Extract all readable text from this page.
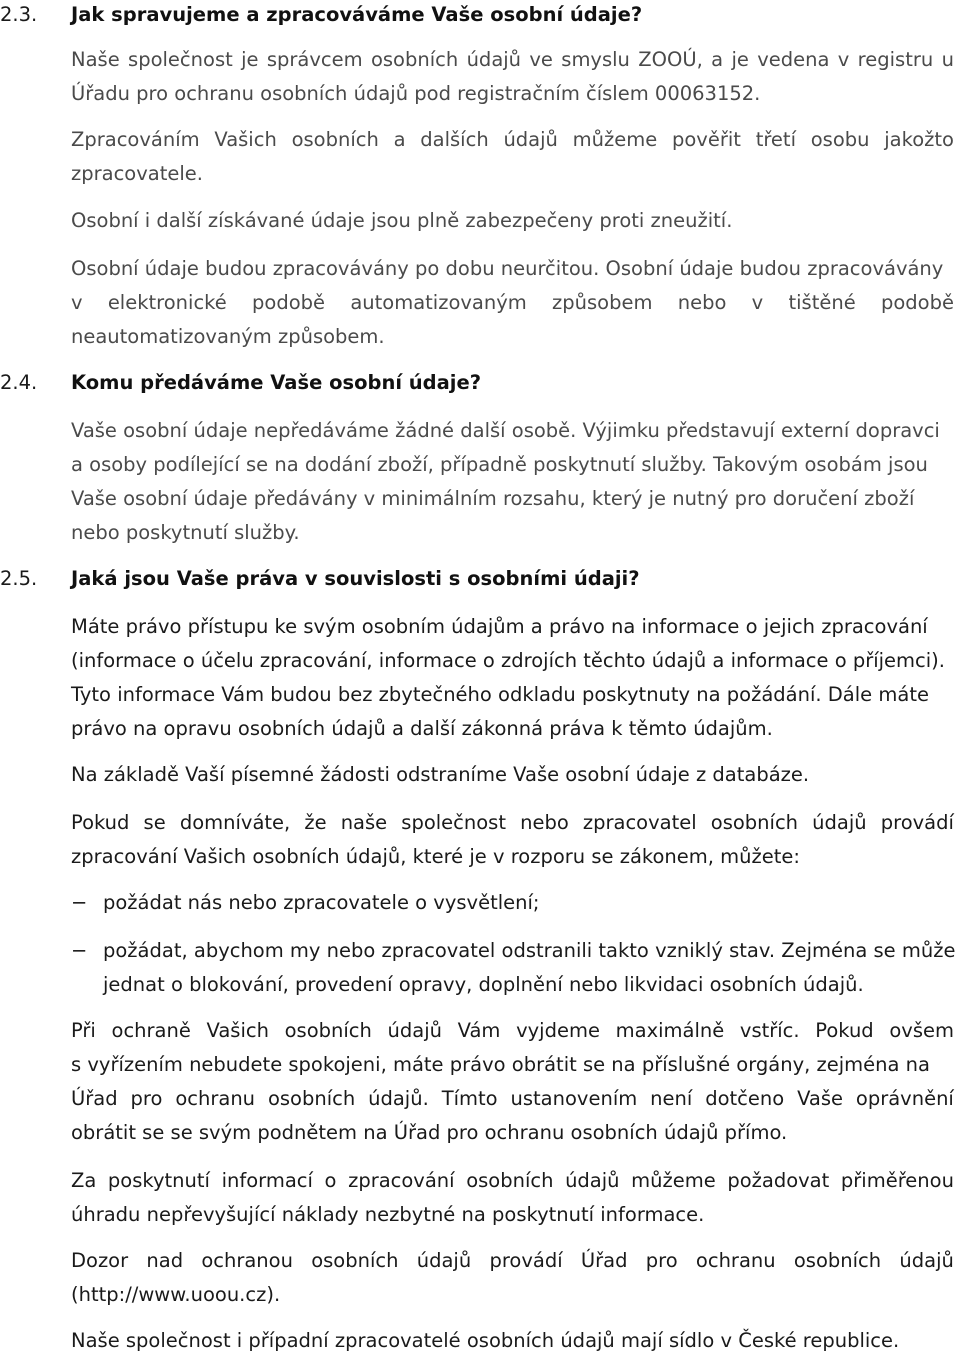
2.3. Jak spravujeme a zpracováváme Vaše osobní údaje?
Naše společnost je správcem osobních údajů ve smyslu ZOOÚ, a je vedena v registru u
Úřadu pro ochranu osobních údajů pod registračním číslem 00063152.
Zpracováním Vašich osobních a dalších údajů můžeme pověřit třetí osobu jakožto
zpracovatele.
Osobní i další získávané údaje jsou plně zabezpečeny proti zneužití.
Osobní údaje budou zpracovávány po dobu neurčitou. Osobní údaje budou zpracovávány
v elektronické podobě automatizovaným způsobem nebo v tištěné podobě
neautomatizovaným způsobem.
2.4. Komu předáváme Vaše osobní údaje?
Vaše osobní údaje nepředáváme žádné další osobě. Výjimku představují externí dopravci
a osoby podílející se na dodání zboží, případně poskytnutí služby. Takovým osobám jsou
Vaše osobní údaje předávány v minimálním rozsahu, který je nutný pro doručení zboží
nebo poskytnutí služby.
2.5. Jaká jsou Vaše práva v souvislosti s osobními údaji?
Máte právo přístupu ke svým osobním údajům a právo na informace o jejich zpracování
(informace o účelu zpracování, informace o zdrojích těchto údajů a informace o příjemci).
Tyto informace Vám budou bez zbytečného odkladu poskytnuty na požádání. Dále máte
právo na opravu osobních údajů a další zákonná práva k těmto údajům.
Na základě Vaší písemné žádosti odstraníme Vaše osobní údaje z databáze.
Pokud se domníváte, že naše společnost nebo zpracovatel osobních údajů provádí
zpracování Vašich osobních údajů, které je v rozporu se zákonem, můžete:
− požádat nás nebo zpracovatele o vysvětlení;
− požádat, abychom my nebo zpracovatel odstranili takto vzniklý stav. Zejména se může
jednat o blokování, provedení opravy, doplnění nebo likvidaci osobních údajů.
Při ochraně Vašich osobních údajů Vám vyjdeme maximálně vstříc. Pokud ovšem
s vyřízením nebudete spokojeni, máte právo obrátit se na příslušné orgány, zejména na
Úřad pro ochranu osobních údajů. Tímto ustanovením není dotčeno Vaše oprávnění
obrátit se se svým podnětem na Úřad pro ochranu osobních údajů přímo.
Za poskytnutí informací o zpracování osobních údajů můžeme požadovat přiměřenou
úhradu nepřevyšující náklady nezbytné na poskytnutí informace.
Dozor nad ochranou osobních údajů provádí Úřad pro ochranu osobních údajů
(http://www.uoou.cz).
Naše společnost i případní zpracovatelé osobních údajů mají sídlo v České republice.
